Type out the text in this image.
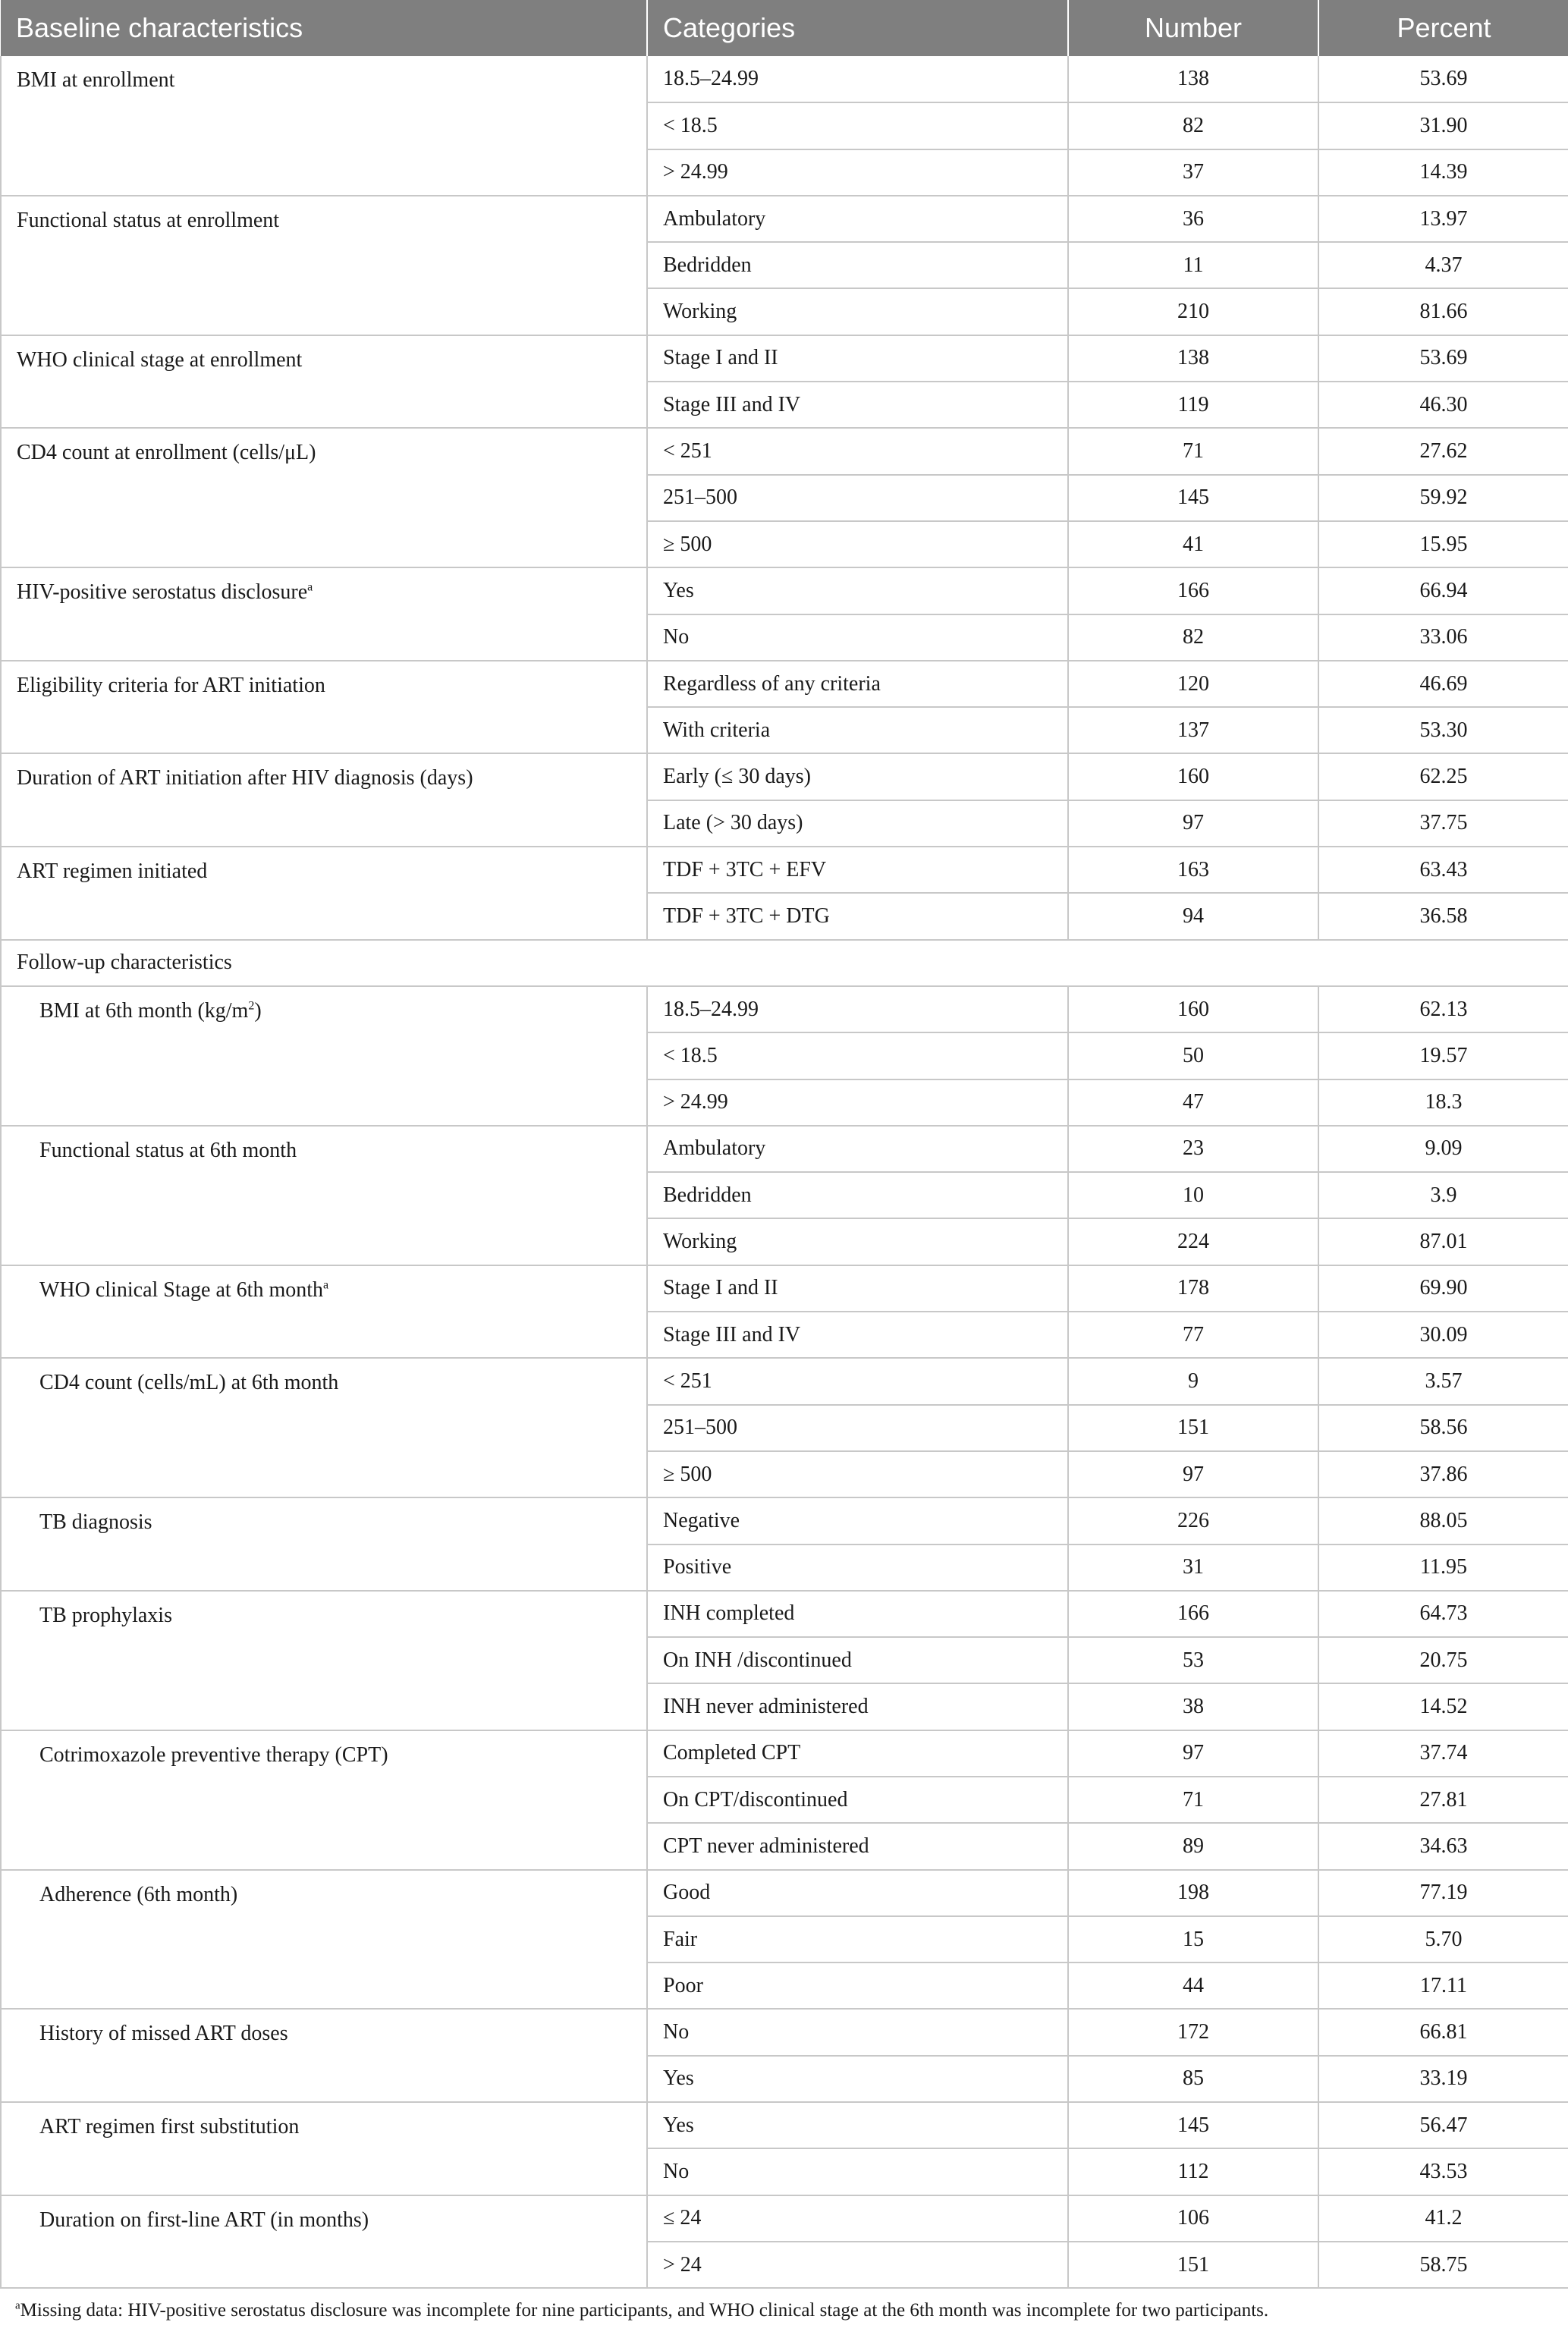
Baseline characteristics	Categories	Number	Percent
BMI at enrollment	18.5–24.99	138	53.69
	< 18.5	82	31.90
	> 24.99	37	14.39
Functional status at enrollment	Ambulatory	36	13.97
	Bedridden	11	4.37
	Working	210	81.66
WHO clinical stage at enrollment	Stage I and II	138	53.69
	Stage III and IV	119	46.30
CD4 count at enrollment (cells/μL)	< 251	71	27.62
	251–500	145	59.92
	≥ 500	41	15.95
HIV-positive serostatus disclosure$^a$	Yes	166	66.94
	No	82	33.06
Eligibility criteria for ART initiation	Regardless of any criteria	120	46.69
	With criteria	137	53.30
Duration of ART initiation after HIV diagnosis (days)	Early (≤ 30 days)	160	62.25
	Late (> 30 days)	97	37.75
ART regimen initiated	TDF + 3TC + EFV	163	63.43
	TDF + 3TC + DTG	94	36.58
Follow-up characteristics			
BMI at 6th month $(kg/m^2)$	18.5–24.99	160	62.13
	< 18.5	50	19.57
	> 24.99	47	18.3
Functional status at 6th month	Ambulatory	23	9.09
	Bedridden	10	3.9
	Working	224	87.01
WHO clinical Stage at 6th month$^a$	Stage I and II	178	69.90
	Stage III and IV	77	30.09
CD4 count (cells/mL) at 6th month	< 251	9	3.57
	251–500	151	58.56
	≥ 500	97	37.86
TB diagnosis	Negative	226	88.05
	Positive	31	11.95
TB prophylaxis	INH completed	166	64.73
	On INH /discontinued	53	20.75
	INH never administered	38	14.52
Cotrimoxazole preventive therapy (CPT)	Completed CPT	97	37.74
	On CPT/discontinued	71	27.81
	CPT never administered	89	34.63
Adherence (6th month)	Good	198	77.19
	Fair	15	5.70
	Poor	44	17.11
History of missed ART doses	No	172	66.81
	Yes	85	33.19
ART regimen first substitution	Yes	145	56.47
	No	112	43.53
Duration on first-line ART (in months)	≤ 24	106	41.2
	> 24	151	58.75
$^a$Missing data: HIV-positive serostatus disclosure was incomplete for nine participants, and WHO clinical stage at the 6th month was incomplete for two participants.
